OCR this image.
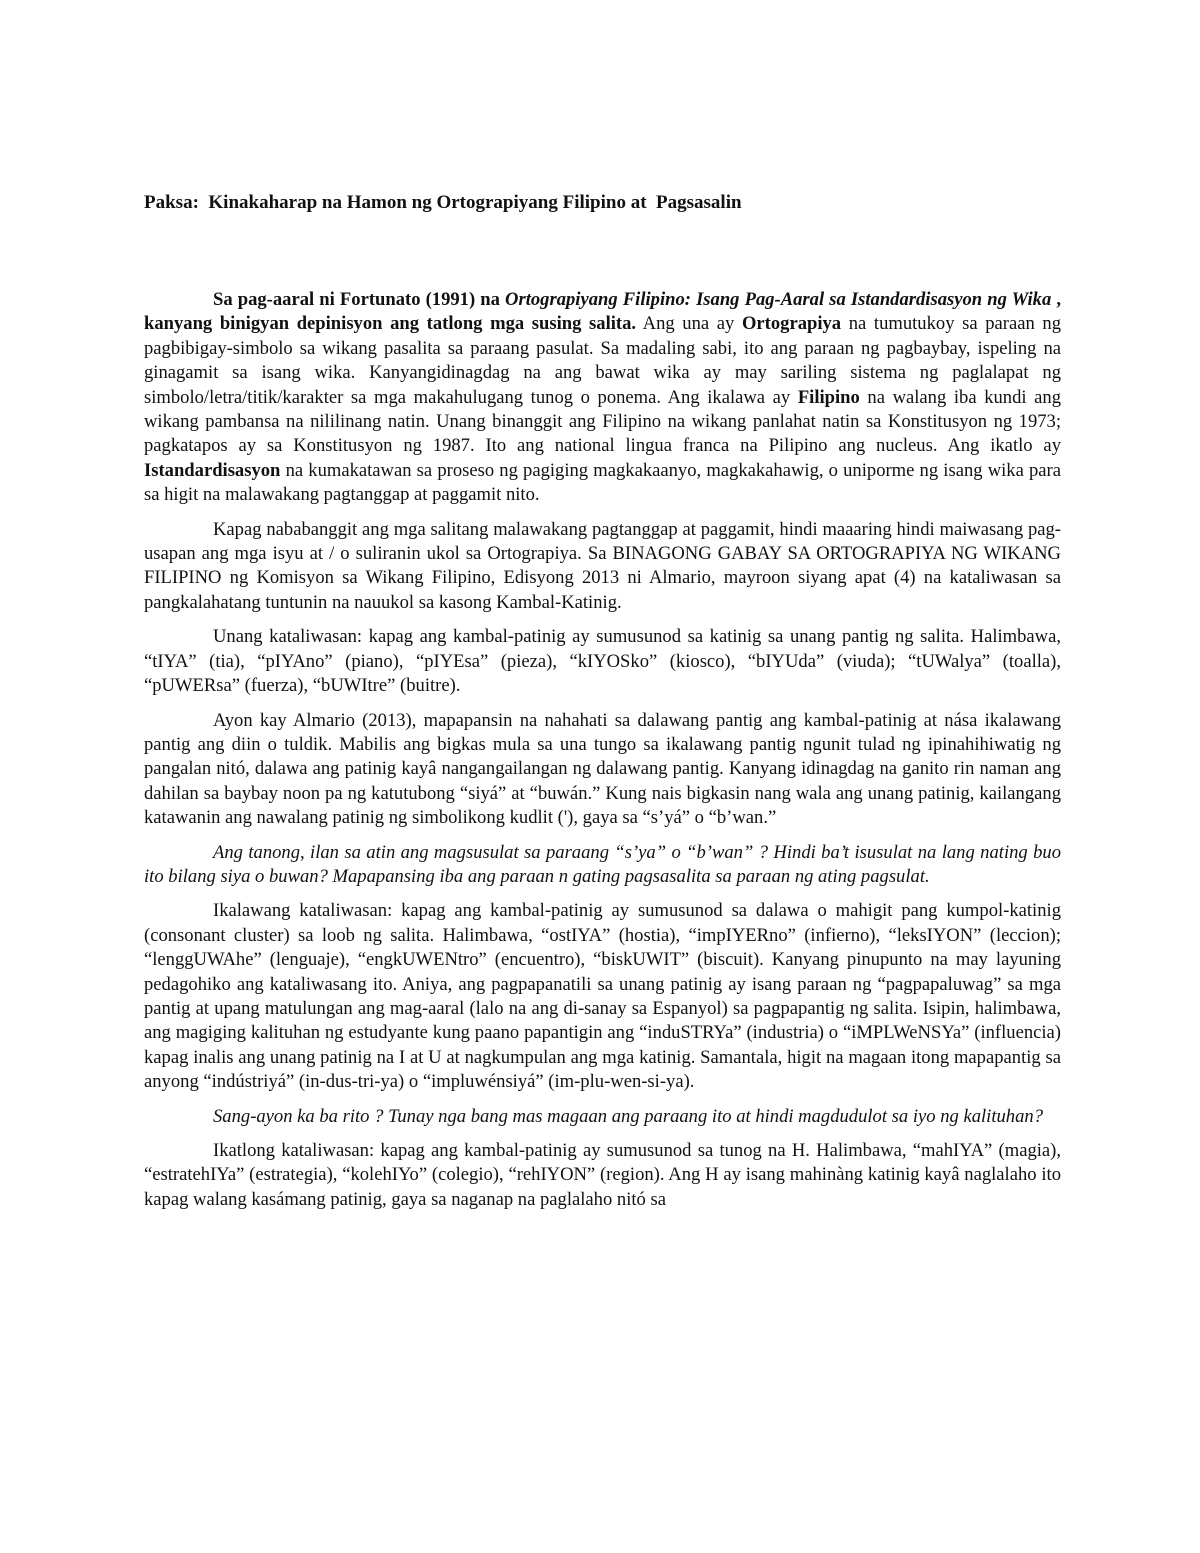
Paksa:  Kinakaharap na Hamon ng Ortograpiyang Filipino at  Pagsasalin

Sa pag-aaral ni Fortunato (1991) na Ortograpiyang Filipino: Isang Pag-Aaral sa Istandardisasyon ng Wika , kanyang binigyan depinisyon ang tatlong mga susing salita. Ang una ay Ortograpiya na tumutukoy sa paraan ng pagbibigay-simbolo sa wikang pasalita sa paraang pasulat. Sa madaling sabi, ito ang paraan ng pagbaybay, ispeling na ginagamit sa isang wika. Kanyangidinagdag na ang bawat wika ay may sariling sistema ng paglalapat ng simbolo/letra/titik/karakter sa mga makahulugang tunog o ponema. Ang ikalawa ay Filipino na walang iba kundi ang wikang pambansa na nililinang natin. Unang binanggit ang Filipino na wikang panlahat natin sa Konstitusyon ng 1973; pagkatapos ay sa Konstitusyon ng 1987. Ito ang national lingua franca na Pilipino ang nucleus. Ang ikatlo ay Istandardisasyon na kumakatawan sa proseso ng pagiging magkakaanyo, magkakahawig, o uniporme ng isang wika para sa higit na malawakang pagtanggap at paggamit nito.

Kapag nababanggit ang mga salitang malawakang pagtanggap at paggamit, hindi maaaring hindi maiwasang pag-usapan ang mga isyu at / o suliranin ukol sa Ortograpiya. Sa BINAGONG GABAY SA ORTOGRAPIYA NG WIKANG FILIPINO ng Komisyon sa Wikang Filipino, Edisyong 2013 ni Almario, mayroon siyang apat (4) na kataliwasan sa pangkalahatang tuntunin na nauukol sa kasong Kambal-Katinig.

Unang kataliwasan: kapag ang kambal-patinig ay sumusunod sa katinig sa unang pantig ng salita. Halimbawa, “tIYA” (tia), “pIYAno” (piano), “pIYEsa” (pieza), “kIYOSko” (kiosco), “bIYUda” (viuda); “tUWalya” (toalla), “pUWERsa” (fuerza), “bUWItre” (buitre).

Ayon kay Almario (2013), mapapansin na nahahati sa dalawang pantig ang kambal-patinig at nása ikalawang pantig ang diin o tuldik. Mabilis ang bigkas mula sa una tungo sa ikalawang pantig ngunit tulad ng ipinahihiwatig ng pangalan nitó, dalawa ang patinig kayâ nangangailangan ng dalawang pantig. Kanyang idinagdag na ganito rin naman ang dahilan sa baybay noon pa ng katutubong “siyá” at “buwán.” Kung nais bigkasin nang wala ang unang patinig, kailangang katawanin ang nawalang patinig ng simbolikong kudlit ('), gaya sa “s’yá” o “b’wan.”

Ang tanong, ilan sa atin ang magsusulat sa paraang “s’ya” o “b’wan” ? Hindi ba’t isusulat na lang nating buo ito bilang siya o buwan? Mapapansing iba ang paraan n gating pagsasalita sa paraan ng ating pagsulat.

Ikalawang kataliwasan: kapag ang kambal-patinig ay sumusunod sa dalawa o mahigit pang kumpol-katinig (consonant cluster) sa loob ng salita. Halimbawa, “ostIYA” (hostia), “impIYERno” (infierno), “leksIYON” (leccion); “lenggUWAhe” (lenguaje), “engkUWENtro” (encuentro), “biskUWIT” (biscuit). Kanyang pinupunto na may layuning pedagohiko ang kataliwasang ito. Aniya, ang pagpapanatili sa unang patinig ay isang paraan ng “pagpapaluwag” sa mga pantig at upang matulungan ang mag-aaral (lalo na ang di-sanay sa Espanyol) sa pagpapantig ng salita. Isipin, halimbawa, ang magiging kalituhan ng estudyante kung paano papantigin ang “induSTRYa” (industria) o “iMPLWeNSYa” (influencia) kapag inalis ang unang patinig na I at U at nagkumpulan ang mga katinig. Samantala, higit na magaan itong mapapantig sa anyong “indústriyá” (in-dus-tri-ya) o “impluwénsiyá” (im-plu-wen-si-ya).

Sang-ayon ka ba rito ? Tunay nga bang mas magaan ang paraang ito at hindi magdudulot sa iyo ng kalituhan?

Ikatlong kataliwasan: kapag ang kambal-patinig ay sumusunod sa tunog na H. Halimbawa, “mahIYA” (magia), “estratehIYa” (estrategia), “kolehIYo” (colegio), “rehIYON” (region). Ang H ay isang mahinàng katinig kayâ naglalaho ito kapag walang kasámang patinig, gaya sa naganap na paglalaho nitó sa
